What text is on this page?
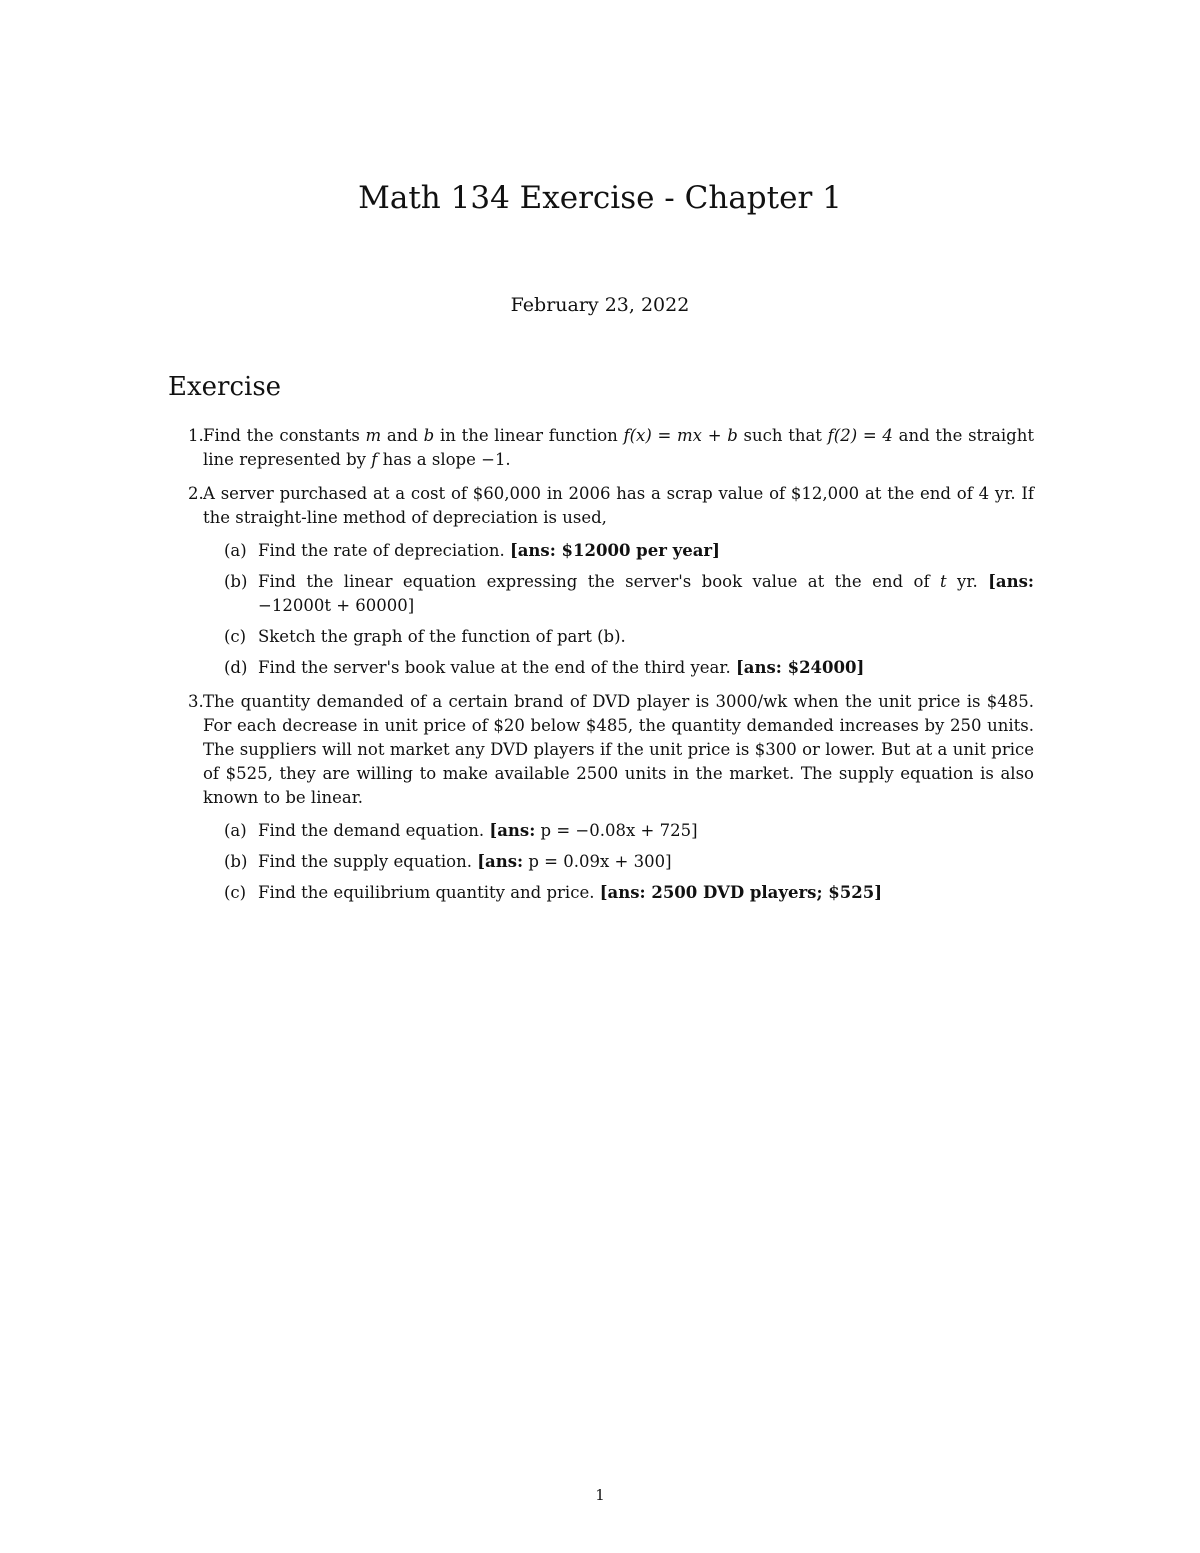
Math 134 Exercise - Chapter 1
February 23, 2022
Exercise
1. Find the constants m and b in the linear function f(x) = mx + b such that f(2) = 4 and the straight line represented by f has a slope −1.
2. A server purchased at a cost of $60,000 in 2006 has a scrap value of $12,000 at the end of 4 yr. If the straight-line method of depreciation is used,
(a) Find the rate of depreciation. [ans: $12000 per year]
(b) Find the linear equation expressing the server's book value at the end of t yr. [ans: −12000t + 60000]
(c) Sketch the graph of the function of part (b).
(d) Find the server's book value at the end of the third year. [ans: $24000]
3. The quantity demanded of a certain brand of DVD player is 3000/wk when the unit price is $485. For each decrease in unit price of $20 below $485, the quantity demanded increases by 250 units. The suppliers will not market any DVD players if the unit price is $300 or lower. But at a unit price of $525, they are willing to make available 2500 units in the market. The supply equation is also known to be linear.
(a) Find the demand equation. [ans: p = −0.08x + 725]
(b) Find the supply equation. [ans: p = 0.09x + 300]
(c) Find the equilibrium quantity and price. [ans: 2500 DVD players; $525]
1
